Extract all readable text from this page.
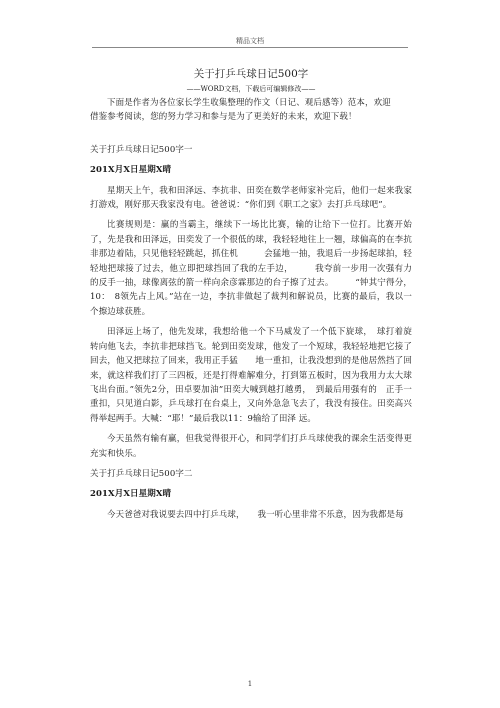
精品文档

关于打乒乓球日记500字

——WORD文档，下载后可编辑修改——

下面是作者为各位家长学生收集整理的作文（日记、观后感等）范本，欢迎

借鉴参考阅读，您的努力学习和参与是为了更美好的未来，欢迎下载！

关于打乒乓球日记500字一

201X月X日星期X晴

星期天上午，我和田泽远、李抗非、田奕在数学老师家补完后，他们一起来我家打游戏，刚好那天我家没有电。爸爸说：“你们到《职工之家》去打乒乓球吧”。

比赛规则是：赢的当霸主，继续下一场比比赛，输的让给下一位打。比赛开始了，先是我和田泽远，田奕发了一个很低的球，我轻轻地往上一翘，球偏高的在李抗非那边着陆，只见他轻轻跳起，抓住机　　　会猛地一抽，我退后一步扬起球拍，轻轻地把球接了过去，他立即把球挡回了我的左手边，　　　我夸前一步用一次强有力的反手一抽，球像离弦的箭一样向余彦霖那边的台子擦了过去。　　　“钟其宁得分，10：　8领先占上风。”站在一边，李抗非做起了裁判和解说员，比赛的最后，我以一个擦边球获胜。

田泽远上场了，他先发球，我想给他一个下马威发了一个低下旋球，　球打着旋转向他飞去，李抗非把球挡飞。轮到田奕发球，他发了一个短球，我轻轻地把它接了回去，他又把球拉了回来，我用正手猛　　地一重扣，让我没想到的是他居然挡了回来，就这样我们打了三四板，还是打得难解难分，打到第五板时，因为我用力太大球飞出台面。”领先2分，田卓要加油”田奕大喊到越打越勇，　到最后用强有的　正手一重扣，只见道白影，乒乓球打在台桌上，又向外急急飞去了，我没有接住。田奕高兴得举起两手。大喊：“耶！”最后我以11：9输给了田泽 远。

今天虽然有输有赢，但我觉得很开心，和同学们打乒乓球使我的课余生活变得更充实和快乐。

关于打乒乓球日记500字二

201X月X日星期X晴

今天爸爸对我说要去四中打乒乓球，　　我一听心里非常不乐意，因为我都是每

1
